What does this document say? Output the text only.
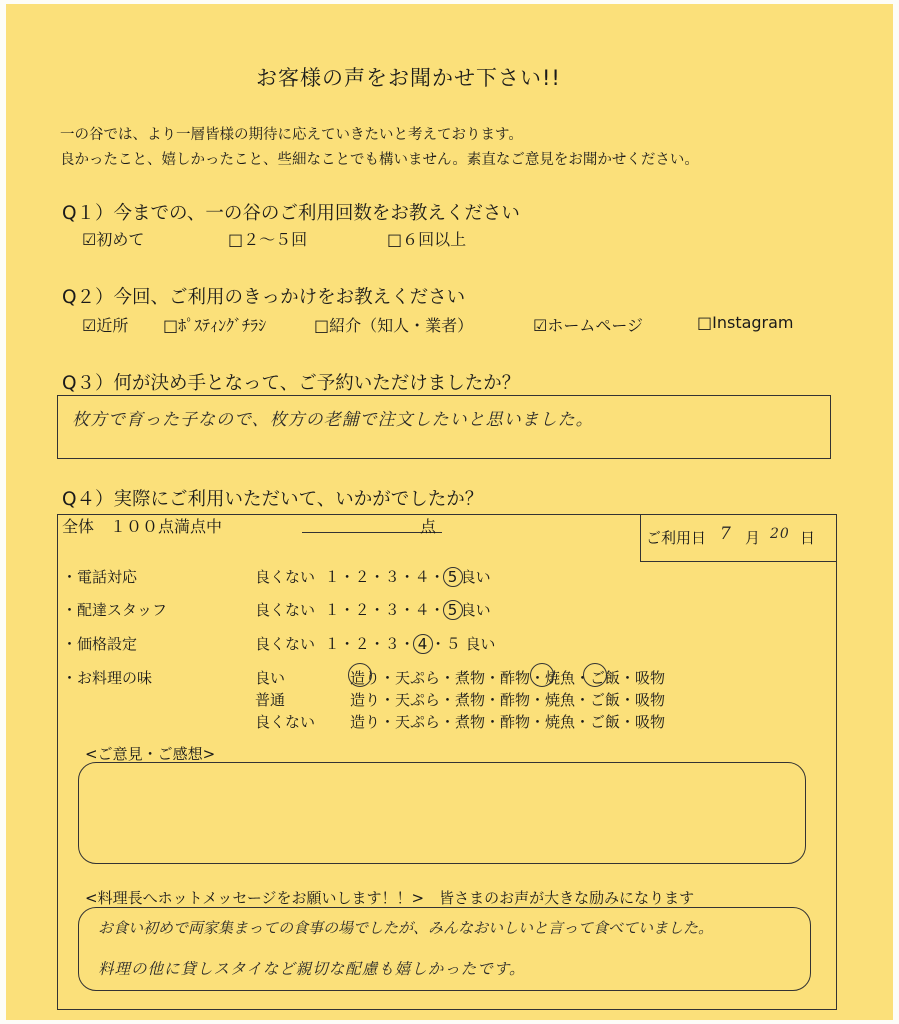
お客様の声をお聞かせ下さい!!
一の谷では、より一層皆様の期待に応えていきたいと考えております。
良かったこと、嬉しかったこと、些細なことでも構いません。素直なご意見をお聞かせください。
Q１）今までの、一の谷のご利用回数をお教えください
☑初めて	□２～５回	□６回以上
Q２）今回、ご利用のきっかけをお教えください
☑近所 □ﾎﾟｽﾃｨﾝｸﾞﾁﾗｼ	□紹介（知人・業者）	☑ホームページ	□Instagram
Q３）何が決め手となって、ご予約いただけましたか？
枚方で育った子なので、枚方の老舗で注文したいと思いました。
Q４）実際にご利用いただいて、いかがでしたか？
全体　１００点満点中	点
ご利用日 7 月 20 日
・電話対応	良くない １・２・３・４・ 5 良い
・配達スタッフ	良くない １・２・３・４・ 5 良い
・価格設定	良くない １・２・３・ 4 ・５ 良い
・お料理の味	良い	造り・天ぷら・煮物・酢物・焼魚・ご飯・吸物
普通	造り・天ぷら・煮物・酢物・焼魚・ご飯・吸物
良くない 造り・天ぷら・煮物・酢物・焼魚・ご飯・吸物
<ご意見・ご感想>
<料理長へホットメッセージをお願いします！！>　皆さまのお声が大きな励みになります
お食い初めで両家集まっての食事の場でしたが、みんなおいしいと言って食べていました。
料理の他に貸しスタイなど親切な配慮も嬉しかったです。
